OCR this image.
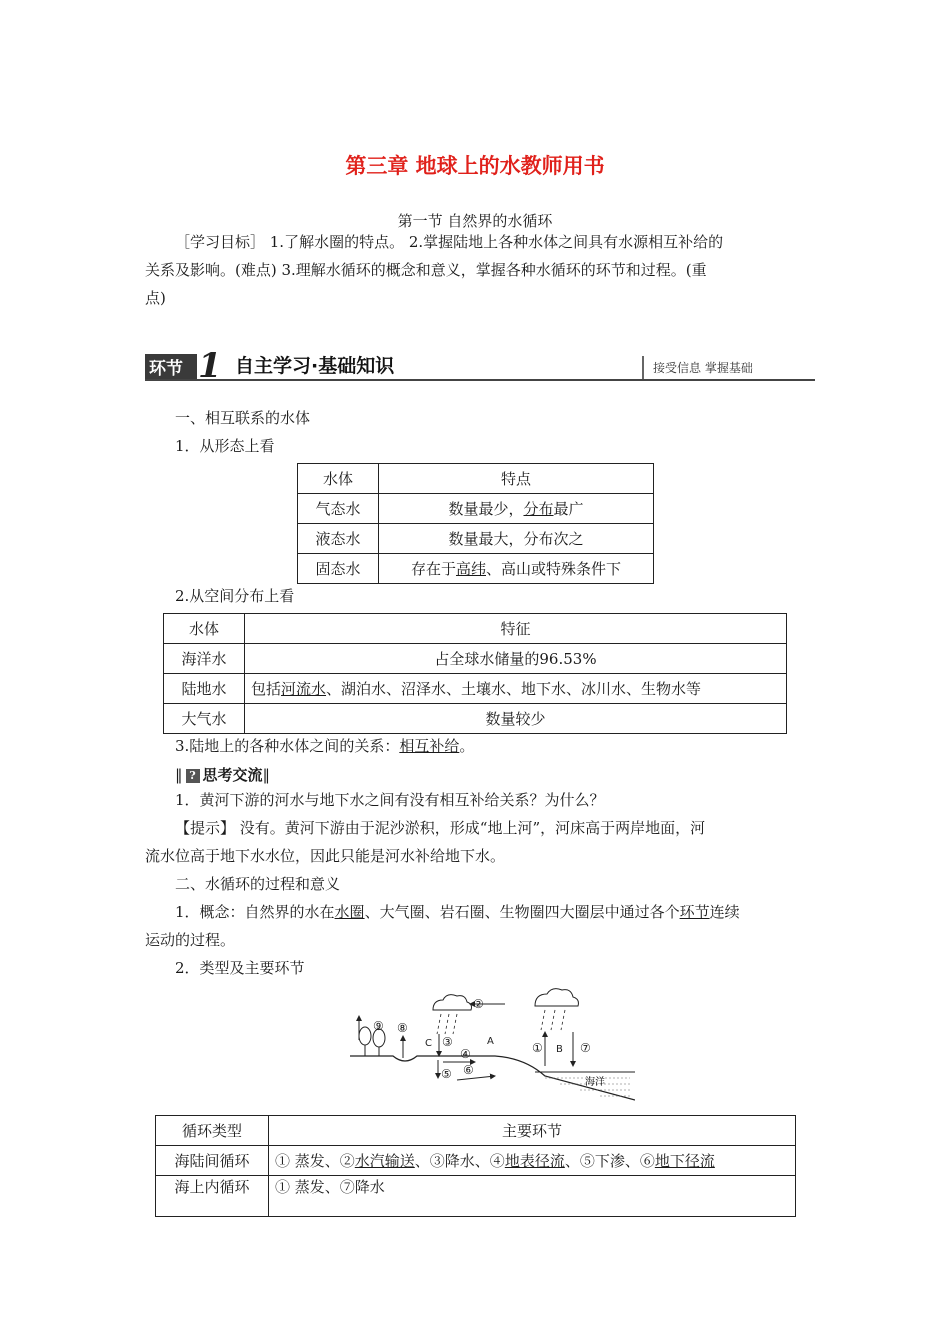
第三章 地球上的水教师用书
第一节 自然界的水循环
［学习目标］ 1.了解水圈的特点。 2.掌握陆地上各种水体之间具有水源相互补给的
关系及影响。(难点) 3.理解水循环的概念和意义，掌握各种水循环的环节和过程。(重
点)
环节 1 自主学习·基础知识	接受信息 掌握基础
一、相互联系的水体
1．从形态上看
水体	特点
气态水	数量最少，分布最广
液态水	数量最大，分布次之
固态水	存在于高纬、高山或特殊条件下
2.从空间分布上看
水体	特征
海洋水	占全球水储量的96.53%
陆地水	包括河流水、湖泊水、沼泽水、土壤水、地下水、冰川水、生物水等
大气水	数量较少
3.陆地上的各种水体之间的关系：相互补给。
‖ ? 思考交流‖
1．黄河下游的河水与地下水之间有没有相互补给关系？为什么？
【提示】 没有。黄河下游由于泥沙淤积，形成“地上河”，河床高于两岸地面，河
流水位高于地下水水位，因此只能是河水补给地下水。
二、水循环的过程和意义
1．概念：自然界的水在水圈、大气圈、岩石圈、生物圈四大圈层中通过各个环节连续
运动的过程。
2．类型及主要环节
海洋
⑨ ⑧
C ③
②
A
④
⑤ ⑥
① B ⑦
循环类型	主要环节
海陆间循环	① 蒸发、②水汽输送、③降水、④地表径流、⑤下渗、⑥地下径流
海上内循环	① 蒸发、⑦降水
